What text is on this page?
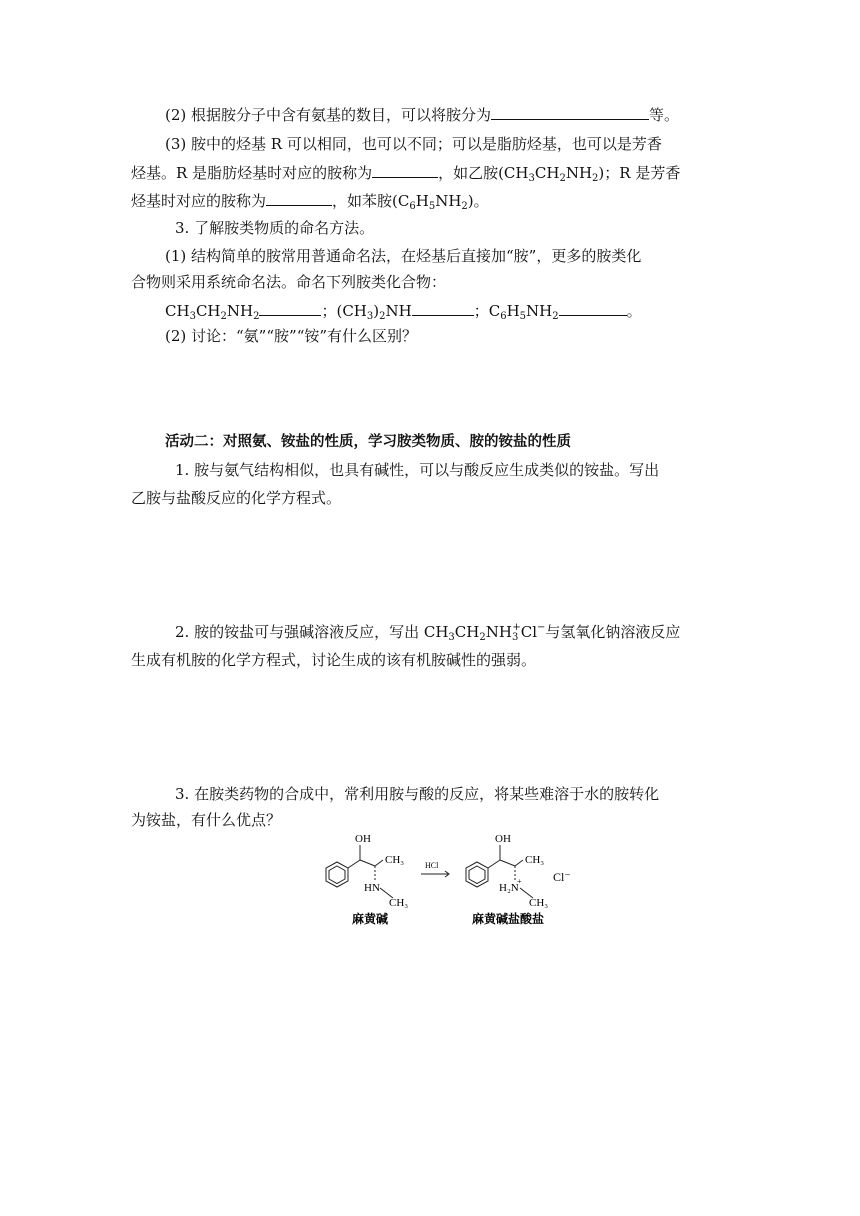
(2) 根据胺分子中含有氨基的数目，可以将胺分为	等。
(3) 胺中的烃基 R 可以相同，也可以不同；可以是脂肪烃基，也可以是芳香
烃基。R 是脂肪烃基时对应的胺称为	，如乙胺$(CH_3CH_2NH_2)$；R 是芳香
烃基时对应的胺称为	，如苯胺$(C_6H_5NH_2)$。
3. 了解胺类物质的命名方法。
(1) 结构简单的胺常用普通命名法，在烃基后直接加“胺”，更多的胺类化
合物则采用系统命名法。命名下列胺类化合物：
$CH_3CH_2NH_2$	；$(CH_3)_2NH$	；$C_6H_5NH_2$	。
(2) 讨论：“氨”“胺”“铵”有什么区别？
活动二：对照氨、铵盐的性质，学习胺类物质、胺的铵盐的性质
1. 胺与氨气结构相似，也具有碱性，可以与酸反应生成类似的铵盐。写出
乙胺与盐酸反应的化学方程式。
2. 胺的铵盐可与强碱溶液反应，写出 $CH_3CH_2NH_3^+Cl^-$与氢氧化钠溶液反应
生成有机胺的化学方程式，讨论生成的该有机胺碱性的强弱。
3. 在胺类药物的合成中，常利用胺与酸的反应，将某些难溶于水的胺转化
为铵盐，有什么优点？
OH
CH₃
N
H
CH₃
HCl
OH
CH₃
H₂N
+
CH₃
Cl⁻
麻黄碱	麻黄碱盐酸盐
